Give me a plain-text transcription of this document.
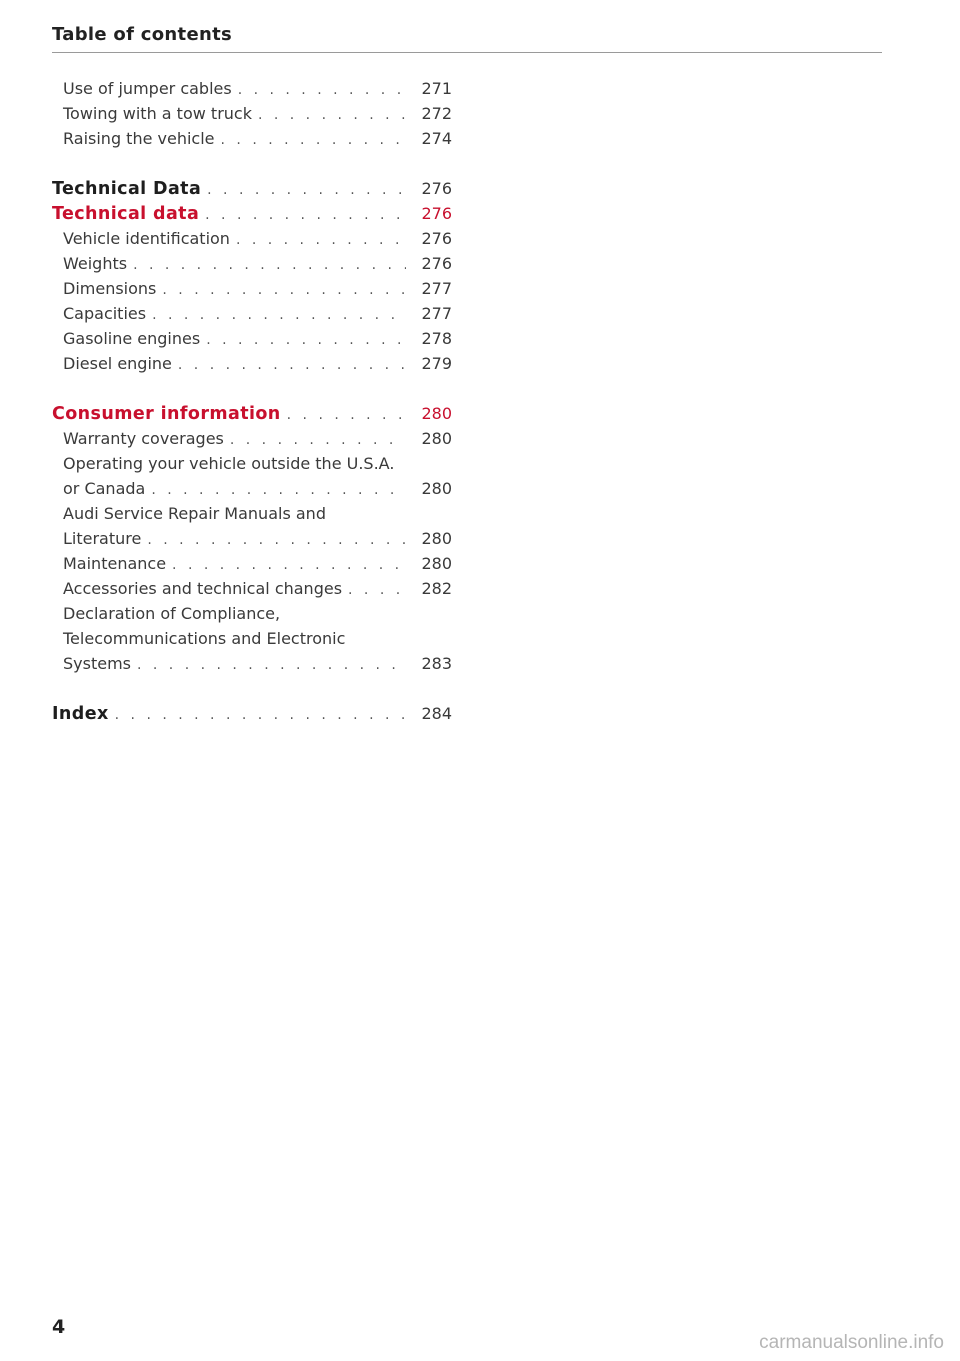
Table of contents
Use of jumper cables . . .	271
Towing with a tow truck . . .	272
Raising the vehicle . . .	274
Technical Data . . .	276
Technical data . . .	276
Vehicle identification . . .	276
Weights . . .	276
Dimensions . . .	277
Capacities . . .	277
Gasoline engines . . .	278
Diesel engine . . .	279
Consumer information . . .	280
Warranty coverages . . .	280
Operating your vehicle outside the U.S.A.
or Canada . . .	280
Audi Service Repair Manuals and
Literature . . .	280
Maintenance . . .	280
Accessories and technical changes . . .	282
Declaration of Compliance,
Telecommunications and Electronic
Systems . . .	283
Index . . .	284
4
carmanualsonline.info
